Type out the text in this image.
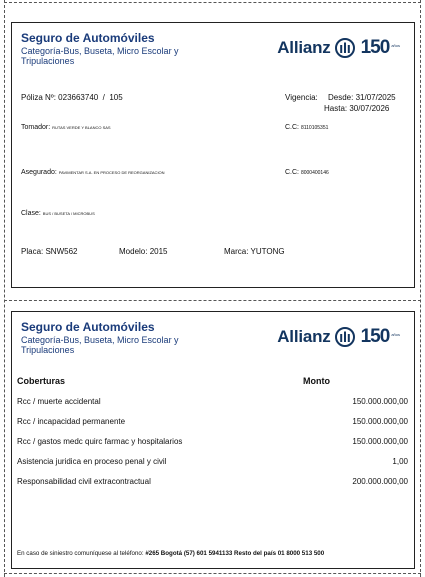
Seguro de Automóviles
Categoría-Bus, Buseta, Micro Escolar y Tripulaciones
Allianz 150 años
Póliza Nº: 023663740 / 105	Vigencia: Desde: 31/07/2025
Hasta: 30/07/2026
Tomador: RUTAS VERDE Y BLANCO SAS	C.C: 8110105351
Asegurado: PAVIMENTAR S.A. EN PROCESO DE REORGANIZACION	C.C: 8000400146
Clase: BUS / BUSETA / MICROBUS
Placa: SNW562	Modelo: 2015	Marca: YUTONG
Seguro de Automóviles
Categoría-Bus, Buseta, Micro Escolar y Tripulaciones
Allianz 150 años
Coberturas	Monto
Rcc / muerte accidental	150.000.000,00
Rcc / incapacidad permanente	150.000.000,00
Rcc / gastos medc quirc farmac y hospitalarios	150.000.000,00
Asistencia juridica en proceso penal y civil	1,00
Responsabilidad civil extracontractual	200.000.000,00
En caso de siniestro comuníquese al teléfono: #265 Bogotá (57) 601 5941133 Resto del país 01 8000 513 500
